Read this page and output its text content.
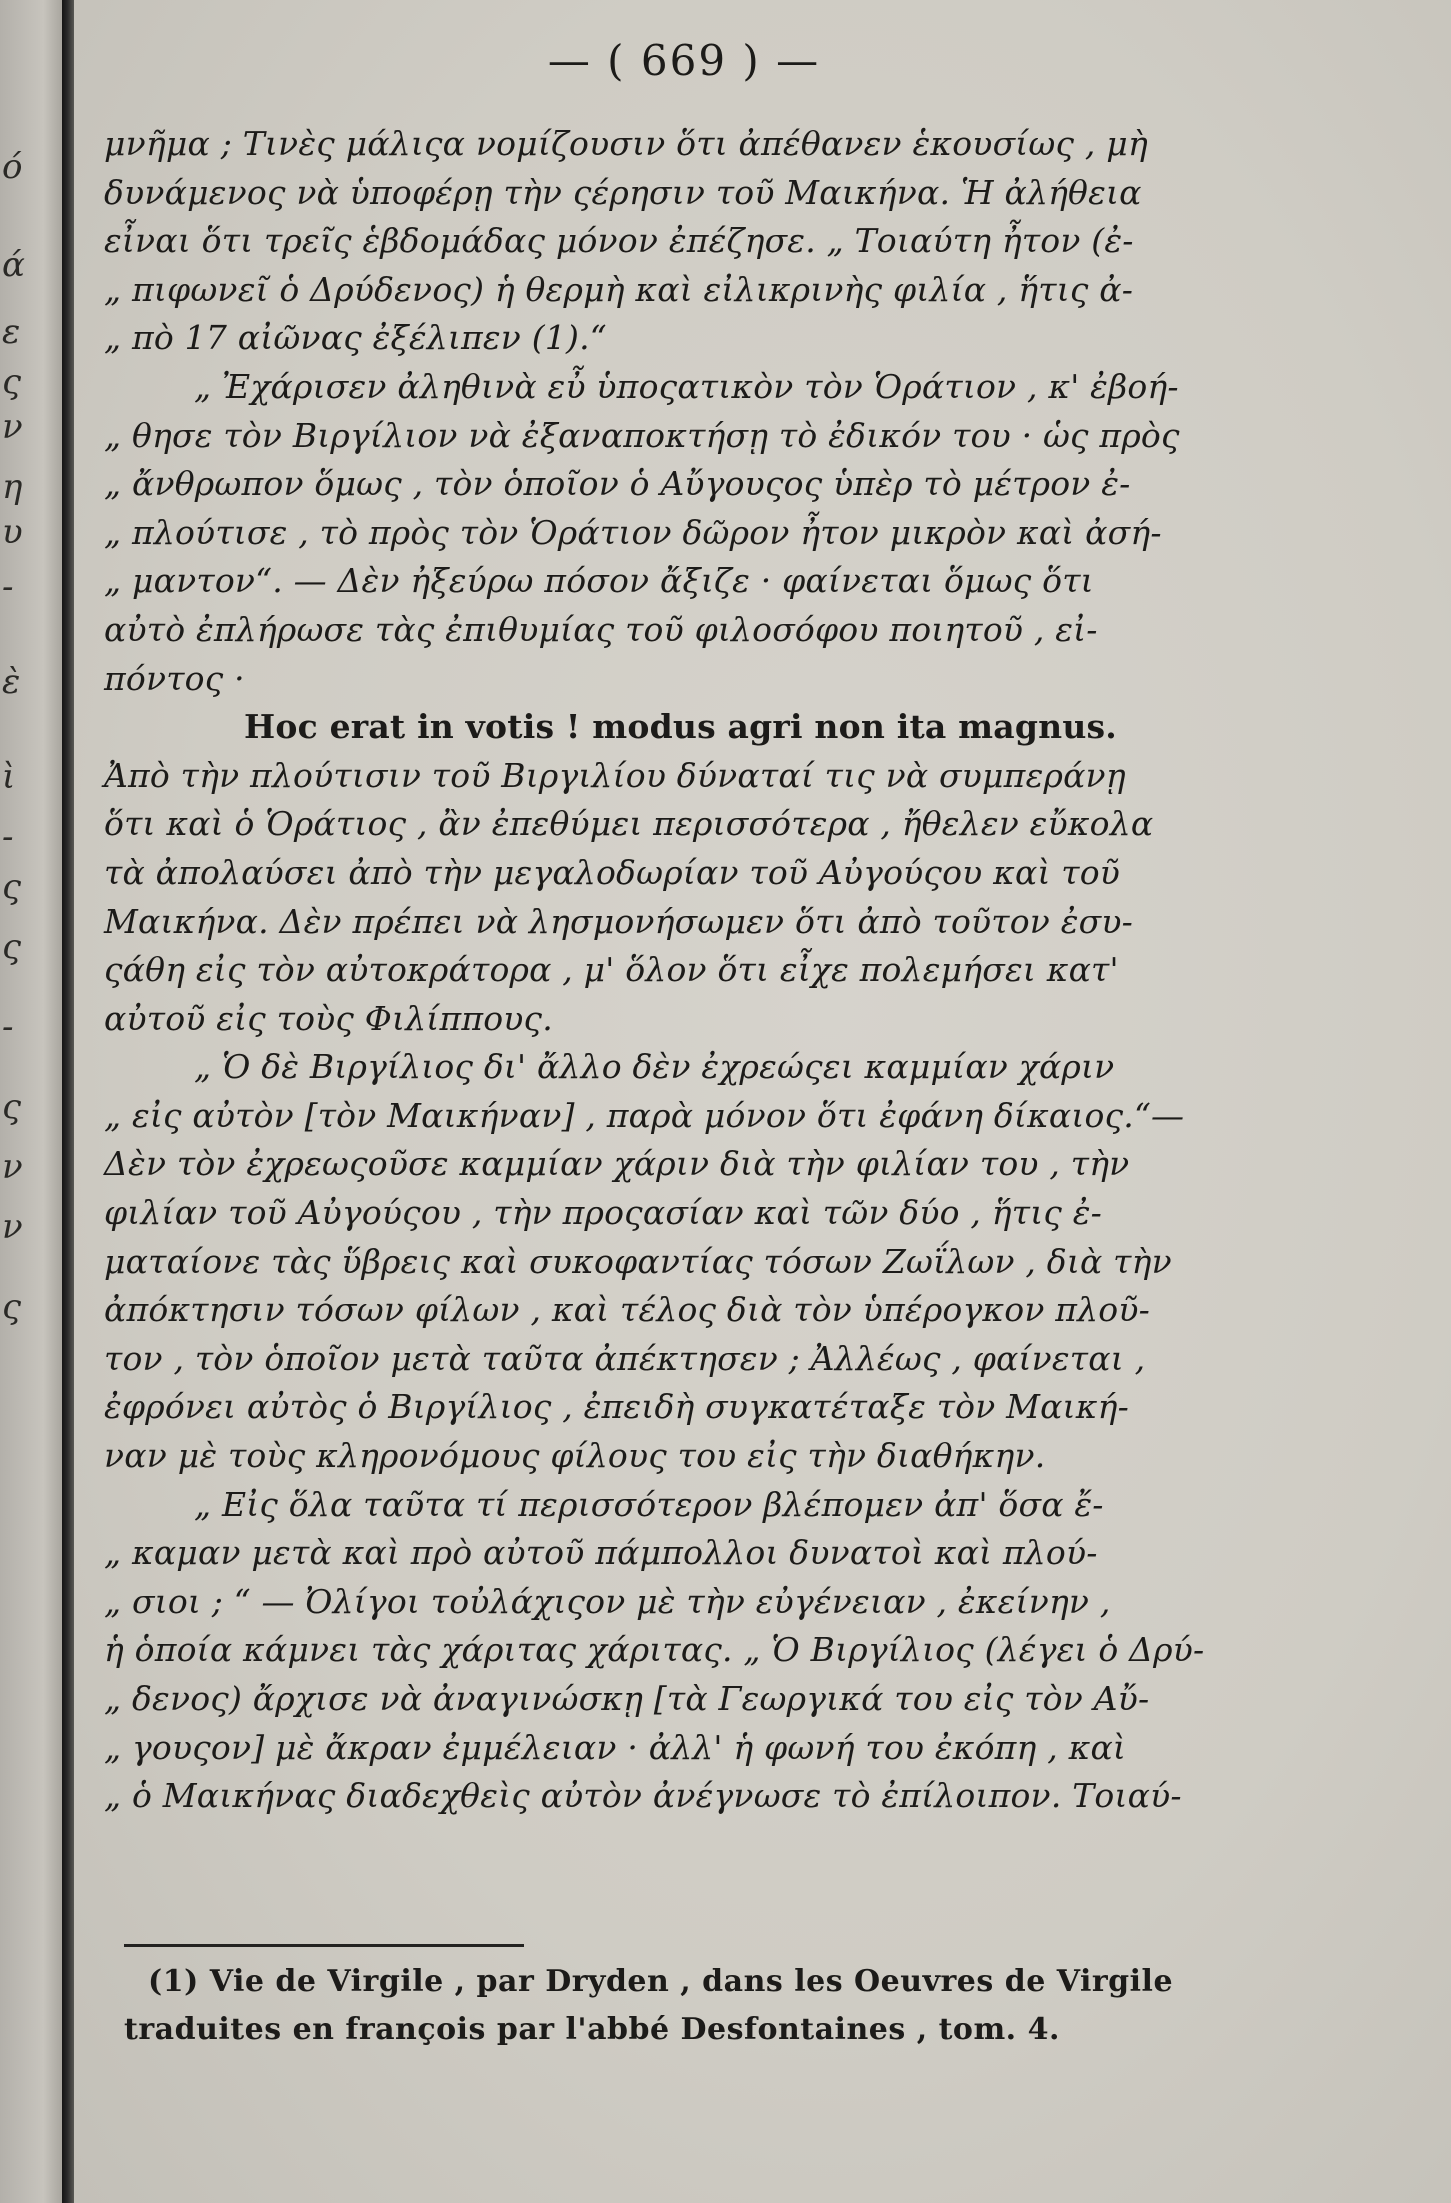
ό
ά
ε
ς
ν
η
υ
-
ὲ
ὶ
-
ς
ς
-
ς
ν
ν
ς
— ( 669 ) —
μνῆμα ; Τινὲς μάλιςα νομίζουσιν ὅτι ἀπέθανεν ἑκουσίως , μὴ
δυνάμενος νὰ ὑποφέρῃ τὴν ςέρησιν τοῦ Μαικήνα. Ἡ ἀλήθεια
εἶναι ὅτι τρεῖς ἑβδομάδας μόνον ἐπέζησε. „ Τοιαύτη ἦτον (ἐ-
„ πιφωνεῖ ὁ Δρύδενος) ἡ θερμὴ καὶ εἰλικρινὴς φιλία , ἥτις ἀ-
„ πὸ 17 αἰῶνας ἐξέλιπεν (1).“
„ Ἐχάρισεν ἀληθινὰ εὖ ὑποςατικὸν τὸν Ὁράτιον , κ' ἐβοή-
„ θησε τὸν Βιργίλιον νὰ ἐξαναποκτήσῃ τὸ ἐδικόν του · ὡς πρὸς
„ ἄνθρωπον ὅμως , τὸν ὁποῖον ὁ Αὔγουςος ὑπὲρ τὸ μέτρον ἐ-
„ πλούτισε , τὸ πρὸς τὸν Ὁράτιον δῶρον ἦτον μικρὸν καὶ ἀσή-
„ μαντον“. — Δὲν ἠξεύρω πόσον ἄξιζε · φαίνεται ὅμως ὅτι
αὐτὸ ἐπλήρωσε τὰς ἐπιθυμίας τοῦ φιλοσόφου ποιητοῦ , εἰ-
πόντος ·
Hoc erat in votis ! modus agri non ita magnus.
Ἀπὸ τὴν πλούτισιν τοῦ Βιργιλίου δύναταί τις νὰ συμπεράνῃ
ὅτι καὶ ὁ Ὁράτιος , ἂν ἐπεθύμει περισσότερα , ἤθελεν εὔκολα
τὰ ἀπολαύσει ἀπὸ τὴν μεγαλοδωρίαν τοῦ Αὐγούςου καὶ τοῦ
Μαικήνα. Δὲν πρέπει νὰ λησμονήσωμεν ὅτι ἀπὸ τοῦτον ἐσυ-
ςάθη εἰς τὸν αὐτοκράτορα , μ' ὅλον ὅτι εἶχε πολεμήσει κατ'
αὐτοῦ εἰς τοὺς Φιλίππους.
„ Ὁ δὲ Βιργίλιος δι' ἄλλο δὲν ἐχρεώςει καμμίαν χάριν
„ εἰς αὐτὸν [τὸν Μαικήναν] , παρὰ μόνον ὅτι ἐφάνη δίκαιος.“—
Δὲν τὸν ἐχρεωςοῦσε καμμίαν χάριν διὰ τὴν φιλίαν του , τὴν
φιλίαν τοῦ Αὐγούςου , τὴν προςασίαν καὶ τῶν δύο , ἥτις ἐ-
ματαίονε τὰς ὕβρεις καὶ συκοφαντίας τόσων Ζωΐλων , διὰ τὴν
ἀπόκτησιν τόσων φίλων , καὶ τέλος διὰ τὸν ὑπέρογκον πλοῦ-
τον , τὸν ὁποῖον μετὰ ταῦτα ἀπέκτησεν ; Ἀλλέως , φαίνεται ,
ἐφρόνει αὐτὸς ὁ Βιργίλιος , ἐπειδὴ συγκατέταξε τὸν Μαική-
ναν μὲ τοὺς κληρονόμους φίλους του εἰς τὴν διαθήκην.
„ Εἰς ὅλα ταῦτα τί περισσότερον βλέπομεν ἀπ' ὅσα ἔ-
„ καμαν μετὰ καὶ πρὸ αὐτοῦ πάμπολλοι δυνατοὶ καὶ πλού-
„ σιοι ; “ — Ὀλίγοι τοὐλάχιςον μὲ τὴν εὐγένειαν , ἐκείνην ,
ἡ ὁποία κάμνει τὰς χάριτας χάριτας. „ Ὁ Βιργίλιος (λέγει ὁ Δρύ-
„ δενος) ἄρχισε νὰ ἀναγινώσκῃ [τὰ Γεωργικά του εἰς τὸν Αὔ-
„ γουςον] μὲ ἄκραν ἐμμέλειαν · ἀλλ' ἡ φωνή του ἐκόπη , καὶ
„ ὁ Μαικήνας διαδεχθεὶς αὐτὸν ἀνέγνωσε τὸ ἐπίλοιπον. Τοιαύ-
(1) Vie de Virgile , par Dryden , dans les Oeuvres de Virgile
traduites en françois par l'abbé Desfontaines , tom. 4.
